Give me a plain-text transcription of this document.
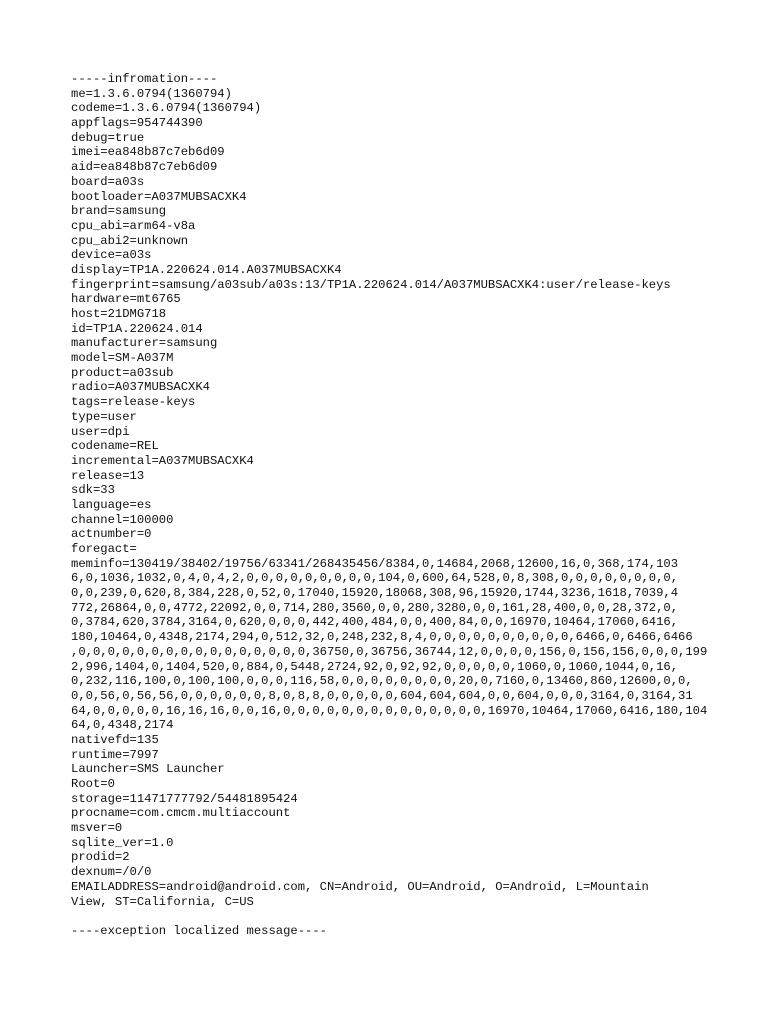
-----infromation----
me=1.3.6.0794(1360794)
codeme=1.3.6.0794(1360794)
appflags=954744390
debug=true
imei=ea848b87c7eb6d09
aid=ea848b87c7eb6d09
board=a03s
bootloader=A037MUBSACXK4
brand=samsung
cpu_abi=arm64-v8a
cpu_abi2=unknown
device=a03s
display=TP1A.220624.014.A037MUBSACXK4
fingerprint=samsung/a03sub/a03s:13/TP1A.220624.014/A037MUBSACXK4:user/release-keys
hardware=mt6765
host=21DMG718
id=TP1A.220624.014
manufacturer=samsung
model=SM-A037M
product=a03sub
radio=A037MUBSACXK4
tags=release-keys
type=user
user=dpi
codename=REL
incremental=A037MUBSACXK4
release=13
sdk=33
language=es
channel=100000
actnumber=0
foregact=
meminfo=130419/38402/19756/63341/268435456/8384,0,14684,2068,12600,16,0,368,174,103
6,0,1036,1032,0,4,0,4,2,0,0,0,0,0,0,0,0,0,104,0,600,64,528,0,8,308,0,0,0,0,0,0,0,0,
0,0,239,0,620,8,384,228,0,52,0,17040,15920,18068,308,96,15920,1744,3236,1618,7039,4
772,26864,0,0,4772,22092,0,0,714,280,3560,0,0,280,3280,0,0,161,28,400,0,0,28,372,0,
0,3784,620,3784,3164,0,620,0,0,0,442,400,484,0,0,400,84,0,0,16970,10464,17060,6416,
180,10464,0,4348,2174,294,0,512,32,0,248,232,8,4,0,0,0,0,0,0,0,0,0,0,6466,0,6466,6466
,0,0,0,0,0,0,0,0,0,0,0,0,0,0,0,0,36750,0,36756,36744,12,0,0,0,0,156,0,156,156,0,0,0,199
2,996,1404,0,1404,520,0,884,0,5448,2724,92,0,92,92,0,0,0,0,0,1060,0,1060,1044,0,16,
0,232,116,100,0,100,100,0,0,0,116,58,0,0,0,0,0,0,0,0,20,0,7160,0,13460,860,12600,0,0,
0,0,56,0,56,56,0,0,0,0,0,0,8,0,8,8,0,0,0,0,0,604,604,604,0,0,604,0,0,0,3164,0,3164,31
64,0,0,0,0,0,16,16,16,0,0,16,0,0,0,0,0,0,0,0,0,0,0,0,0,0,16970,10464,17060,6416,180,104
64,0,4348,2174
nativefd=135
runtime=7997
Launcher=SMS Launcher
Root=0
storage=11471777792/54481895424
procname=com.cmcm.multiaccount
msver=0
sqlite_ver=1.0
prodid=2
dexnum=/0/0
EMAILADDRESS=android@android.com, CN=Android, OU=Android, O=Android, L=Mountain
View, ST=California, C=US
----exception localized message----
